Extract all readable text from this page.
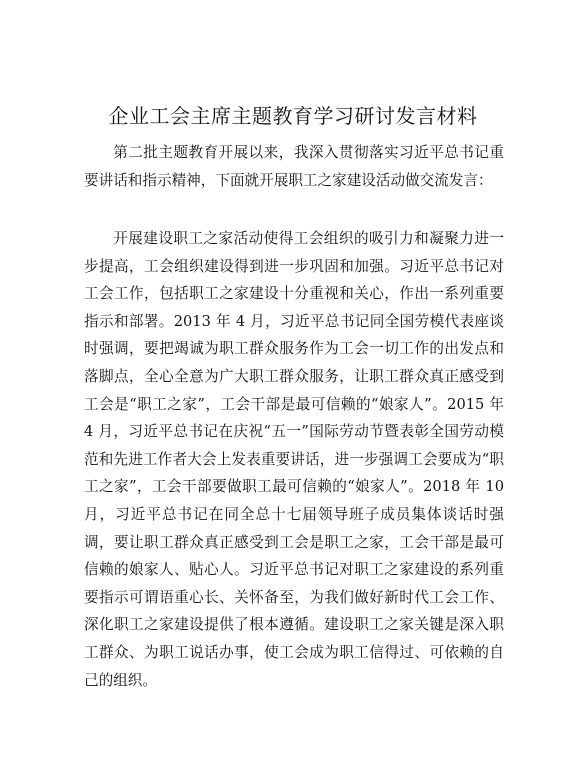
企业工会主席主题教育学习研讨发言材料

第二批主题教育开展以来，我深入贯彻落实习近平总书记重要讲话和指示精神，下面就开展职工之家建设活动做交流发言：

开展建设职工之家活动使得工会组织的吸引力和凝聚力进一步提高，工会组织建设得到进一步巩固和加强。习近平总书记对工会工作，包括职工之家建设十分重视和关心，作出一系列重要指示和部署。2013 年 4 月，习近平总书记同全国劳模代表座谈时强调，要把竭诚为职工群众服务作为工会一切工作的出发点和落脚点，全心全意为广大职工群众服务，让职工群众真正感受到工会是“职工之家”，工会干部是最可信赖的“娘家人”。2015 年 4 月，习近平总书记在庆祝“五一”国际劳动节暨表彰全国劳动模范和先进工作者大会上发表重要讲话，进一步强调工会要成为“职工之家”，工会干部要做职工最可信赖的“娘家人”。2018 年 10 月，习近平总书记在同全总十七届领导班子成员集体谈话时强调，要让职工群众真正感受到工会是职工之家，工会干部是最可信赖的娘家人、贴心人。习近平总书记对职工之家建设的系列重要指示可谓语重心长、关怀备至，为我们做好新时代工会工作、深化职工之家建设提供了根本遵循。建设职工之家关键是深入职工群众、为职工说话办事，使工会成为职工信得过、可依赖的自己的组织。
